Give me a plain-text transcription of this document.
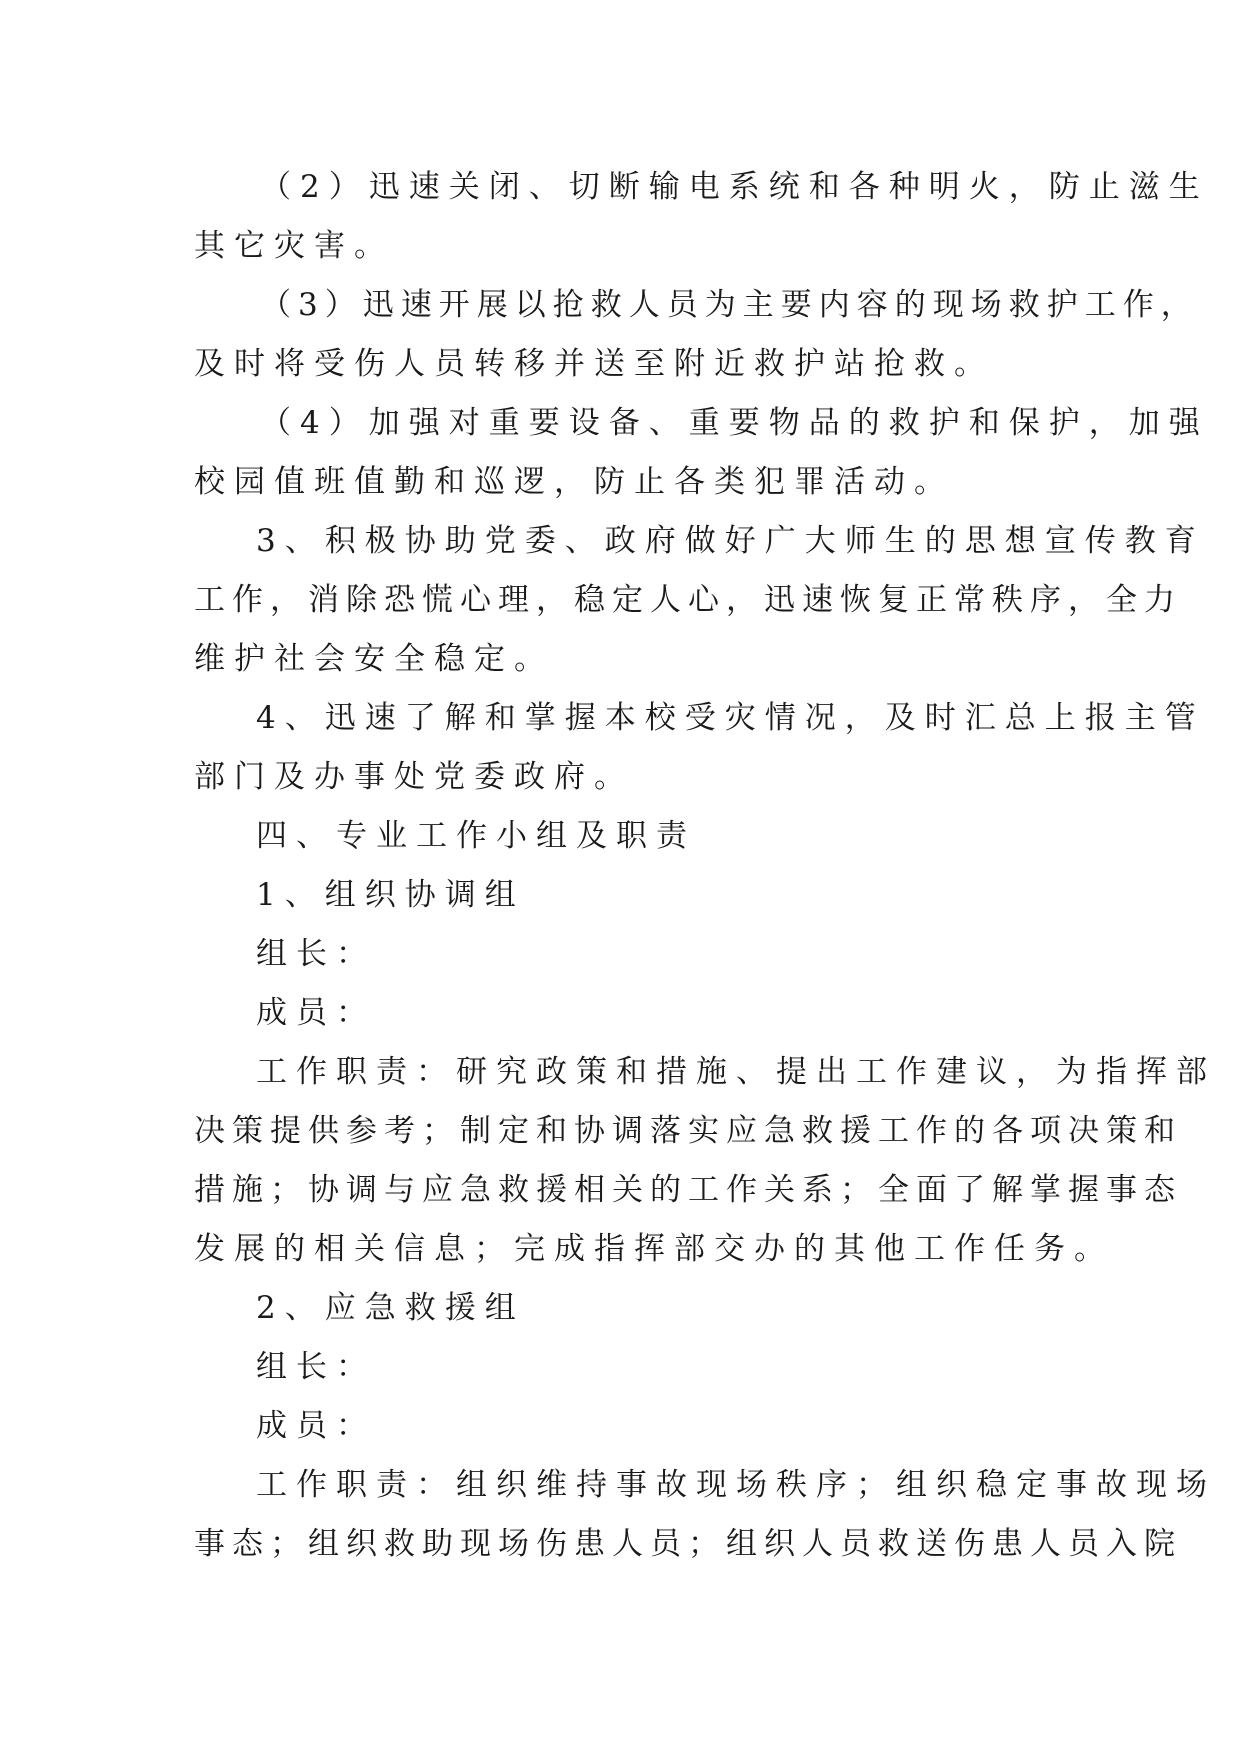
（2）迅速关闭、切断输电系统和各种明火，防止滋生
其它灾害。
（3）迅速开展以抢救人员为主要内容的现场救护工作，
及时将受伤人员转移并送至附近救护站抢救。
（4）加强对重要设备、重要物品的救护和保护，加强
校园值班值勤和巡逻，防止各类犯罪活动。
3、积极协助党委、政府做好广大师生的思想宣传教育
工作，消除恐慌心理，稳定人心，迅速恢复正常秩序，全力
维护社会安全稳定。
4、迅速了解和掌握本校受灾情况，及时汇总上报主管
部门及办事处党委政府。
四、专业工作小组及职责
1、组织协调组
组长：
成员：
工作职责：研究政策和措施、提出工作建议，为指挥部
决策提供参考；制定和协调落实应急救援工作的各项决策和
措施；协调与应急救援相关的工作关系；全面了解掌握事态
发展的相关信息；完成指挥部交办的其他工作任务。
2、应急救援组
组长：
成员：
工作职责：组织维持事故现场秩序；组织稳定事故现场
事态；组织救助现场伤患人员；组织人员救送伤患人员入院
